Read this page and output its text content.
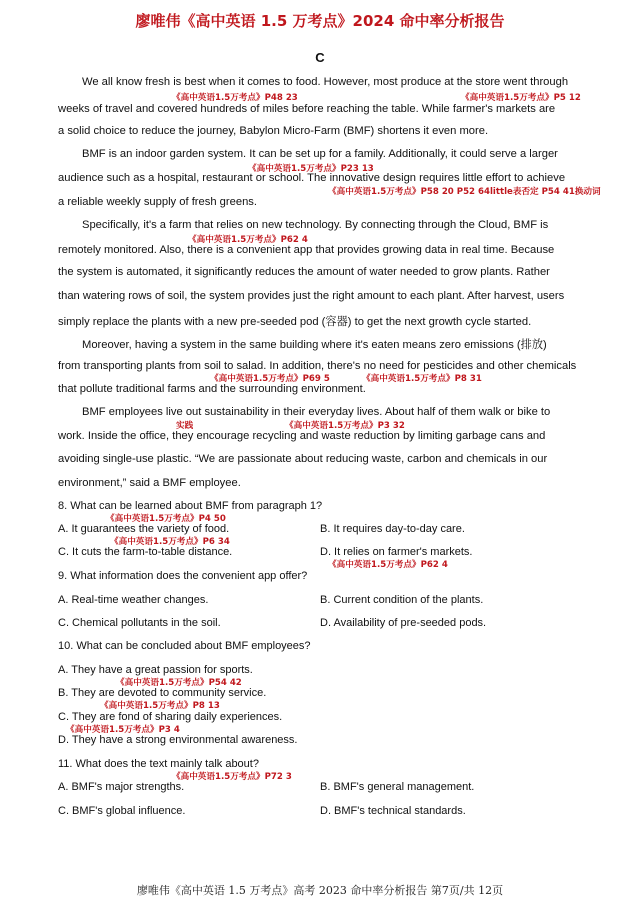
廖唯伟《高中英语 1.5 万考点》2024 命中率分析报告
C
We all know fresh is best when it comes to food. However, most produce at the store went through
《高中英语1.5万考点》P48 23	《高中英语1.5万考点》P5 12
weeks of travel and covered hundreds of miles before reaching the table. While farmer's markets are
a solid choice to reduce the journey, Babylon Micro-Farm (BMF) shortens it even more.
BMF is an indoor garden system. It can be set up for a family. Additionally, it could serve a larger
《高中英语1.5万考点》P23 13
audience such as a hospital, restaurant or school. The innovative design requires little effort to achieve
《高中英语1.5万考点》P58 20 P52 64little表否定 P54 41换动词
a reliable weekly supply of fresh greens.
Specifically, it's a farm that relies on new technology. By connecting through the Cloud, BMF is
《高中英语1.5万考点》P62 4
remotely monitored. Also, there is a convenient app that provides growing data in real time. Because
the system is automated, it significantly reduces the amount of water needed to grow plants. Rather
than watering rows of soil, the system provides just the right amount to each plant. After harvest, users
simply replace the plants with a new pre-seeded pod (容器) to get the next growth cycle started.
Moreover, having a system in the same building where it's eaten means zero emissions (排放)
from transporting plants from soil to salad. In addition, there's no need for pesticides and other chemicals
《高中英语1.5万考点》P69 5	《高中英语1.5万考点》P8 31
that pollute traditional farms and the surrounding environment.
BMF employees live out sustainability in their everyday lives. About half of them walk or bike to
实践	《高中英语1.5万考点》P3 32
work. Inside the office, they encourage recycling and waste reduction by limiting garbage cans and
avoiding single-use plastic. “We are passionate about reducing waste, carbon and chemicals in our
environment,” said a BMF employee.
8. What can be learned about BMF from paragraph 1?
《高中英语1.5万考点》P4 50
A. It guarantees the variety of food.	B. It requires day-to-day care.
《高中英语1.5万考点》P6 34
C. It cuts the farm-to-table distance.	D. It relies on farmer's markets.
《高中英语1.5万考点》P62 4
9. What information does the convenient app offer?
A. Real-time weather changes.	B. Current condition of the plants.
C. Chemical pollutants in the soil.	D. Availability of pre-seeded pods.
10. What can be concluded about BMF employees?
A. They have a great passion for sports.
《高中英语1.5万考点》P54 42
B. They are devoted to community service.
《高中英语1.5万考点》P8 13
C. They are fond of sharing daily experiences.
《高中英语1.5万考点》P3 4
D. They have a strong environmental awareness.
11. What does the text mainly talk about?
《高中英语1.5万考点》P72 3
A. BMF's major strengths.	B. BMF's general management.
C. BMF's global influence.	D. BMF's technical standards.
廖唯伟《高中英语 1.5 万考点》高考 2023 命中率分析报告 第7页/共 12页
